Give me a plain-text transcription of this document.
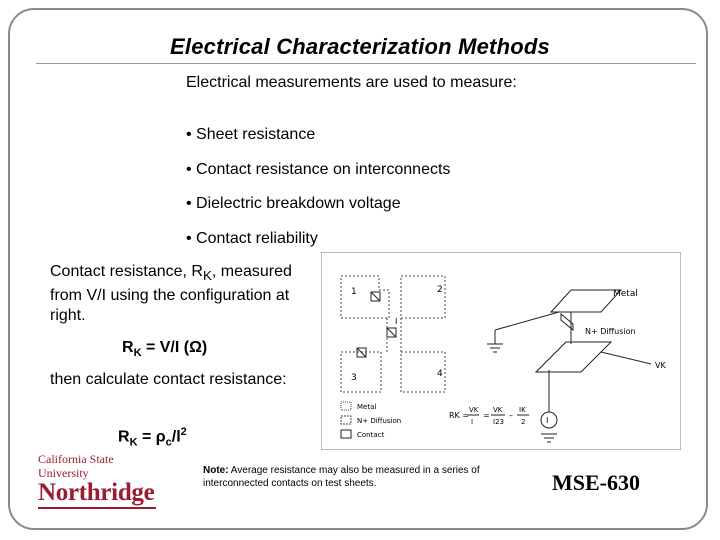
Electrical Characterization Methods

Electrical measurements are used to measure:

• Sheet resistance
• Contact resistance on interconnects
• Dielectric breakdown voltage
• Contact reliability

Contact resistance, $R_K$, measured from V/I using the configuration at right.

$R_K = V/I$ (Ω)

then calculate contact resistance:

$R_K = \rho_c/l^2$

1	2
3	4
I
Metal
N+ Diffusion
VK
I
Metal
N+ Diffusion
Contact
RK =
VK
I
=
VK
I23
–
IK
2

Note: Average resistance may also be measured in a series of interconnected contacts on test sheets.

California State University
Northridge	MSE-630
